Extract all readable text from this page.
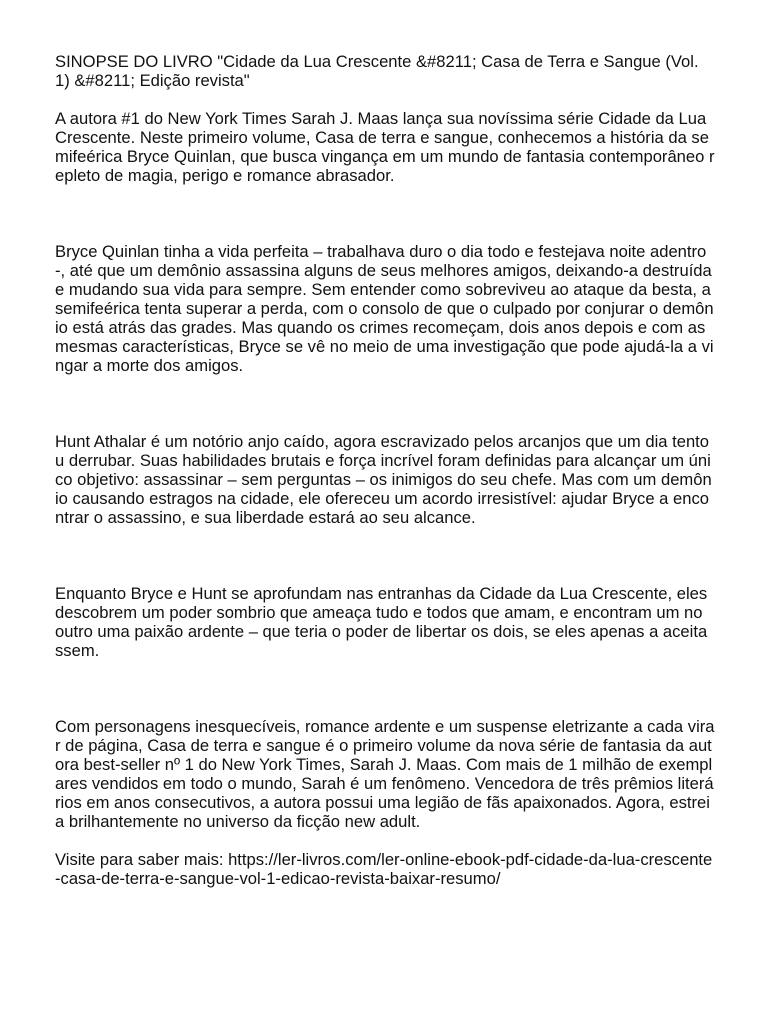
SINOPSE DO LIVRO "Cidade da Lua Crescente &#8211; Casa de Terra e Sangue (Vol. 1) &#8211; Edição revista"

A autora #1 do New York Times Sarah J. Maas lança sua novíssima série Cidade da Lua Crescente. Neste primeiro volume, Casa de terra e sangue, conhecemos a história da semifeérica Bryce Quinlan, que busca vingança em um mundo de fantasia contemporâneo repleto de magia, perigo e romance abrasador.

Bryce Quinlan tinha a vida perfeita – trabalhava duro o dia todo e festejava noite adentro -, até que um demônio assassina alguns de seus melhores amigos, deixando-a destruída e mudando sua vida para sempre. Sem entender como sobreviveu ao ataque da besta, a semifeérica tenta superar a perda, com o consolo de que o culpado por conjurar o demônio está atrás das grades. Mas quando os crimes recomeçam, dois anos depois e com as mesmas características, Bryce se vê no meio de uma investigação que pode ajudá-la a vingar a morte dos amigos.

Hunt Athalar é um notório anjo caído, agora escravizado pelos arcanjos que um dia tentou derrubar. Suas habilidades brutais e força incrível foram definidas para alcançar um único objetivo: assassinar – sem perguntas – os inimigos do seu chefe. Mas com um demônio causando estragos na cidade, ele ofereceu um acordo irresistível: ajudar Bryce a encontrar o assassino, e sua liberdade estará ao seu alcance.

Enquanto Bryce e Hunt se aprofundam nas entranhas da Cidade da Lua Crescente, eles descobrem um poder sombrio que ameaça tudo e todos que amam, e encontram um no outro uma paixão ardente – que teria o poder de libertar os dois, se eles apenas a aceitassem.

Com personagens inesquecíveis, romance ardente e um suspense eletrizante a cada virar de página, Casa de terra e sangue é o primeiro volume da nova série de fantasia da autora best-seller nº 1 do New York Times, Sarah J. Maas. Com mais de 1 milhão de exemplares vendidos em todo o mundo, Sarah é um fenômeno. Vencedora de três prêmios literários em anos consecutivos, a autora possui uma legião de fãs apaixonados. Agora, estreia brilhantemente no universo da ficção new adult.

Visite para saber mais: https://ler-livros.com/ler-online-ebook-pdf-cidade-da-lua-crescente-casa-de-terra-e-sangue-vol-1-edicao-revista-baixar-resumo/
